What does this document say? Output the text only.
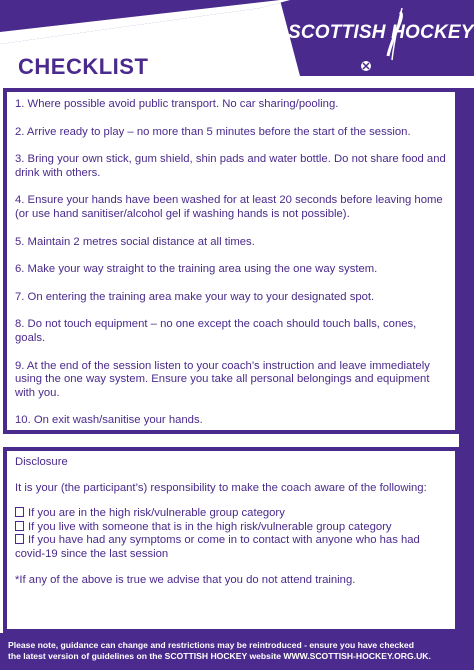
SCOTTISH HOCKEY
CHECKLIST

1. Where possible avoid public transport. No car sharing/pooling.

2. Arrive ready to play – no more than 5 minutes before the start of the session.

3. Bring your own stick, gum shield, shin pads and water bottle. Do not share food and drink with others.

4. Ensure your hands have been washed for at least 20 seconds before leaving home (or use hand sanitiser/alcohol gel if washing hands is not possible).

5. Maintain 2 metres social distance at all times.

6. Make your way straight to the training area using the one way system.

7. On entering the training area make your way to your designated spot.

8. Do not touch equipment – no one except the coach should touch balls, cones, goals.

9. At the end of the session listen to your coach’s instruction and leave immediately using the one way system. Ensure you take all personal belongings and equipment with you.

10. On exit wash/sanitise your hands.

Disclosure

It is your (the participant’s) responsibility to make the coach aware of the following:

If you are in the high risk/vulnerable group category
If you live with someone that is in the high risk/vulnerable group category
If you have had any symptoms or come in to contact with anyone who has had covid-19 since the last session

*If any of the above is true we advise that you do not attend training.

Please note, guidance can change and restrictions may be reintroduced - ensure you have checked
the latest version of guidelines on the SCOTTISH HOCKEY website WWW.SCOTTISH-HOCKEY.ORG.UK.
